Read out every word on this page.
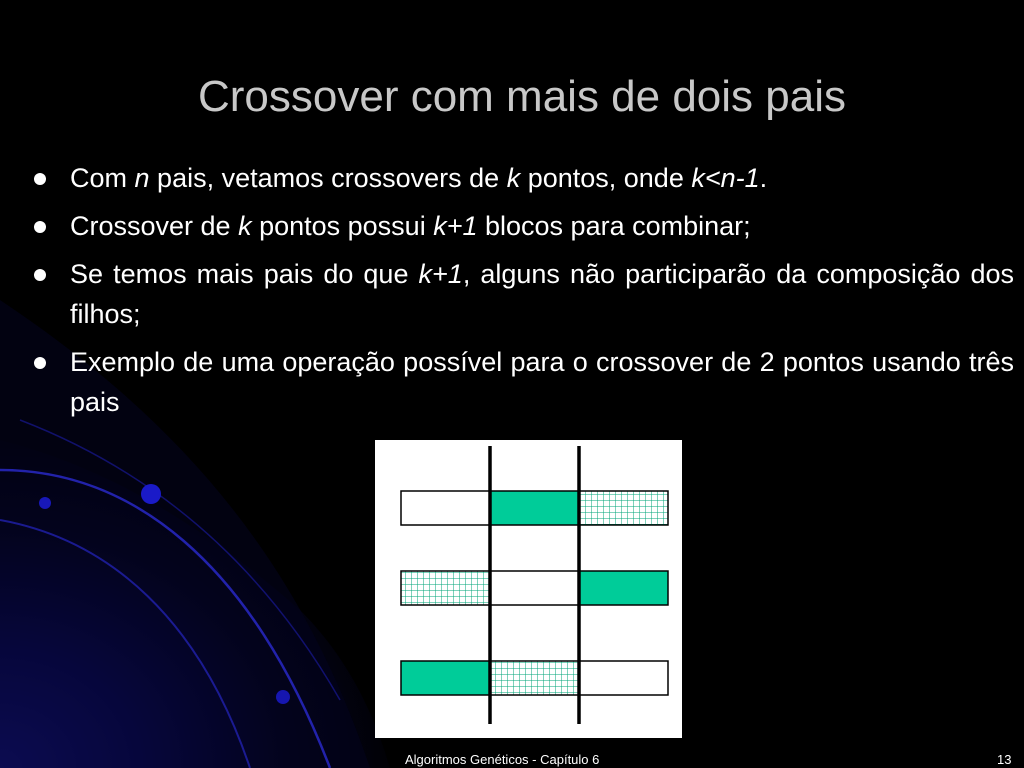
Crossover com mais de dois pais
Com n pais, vetamos crossovers de k pontos, onde k<n-1.
Crossover de k pontos possui k+1 blocos para combinar;
Se temos mais pais do que k+1, alguns não participarão da composição dos filhos;
Exemplo de uma operação possível para o crossover de 2 pontos usando três pais
Algoritmos Genéticos - Capítulo 6	13
